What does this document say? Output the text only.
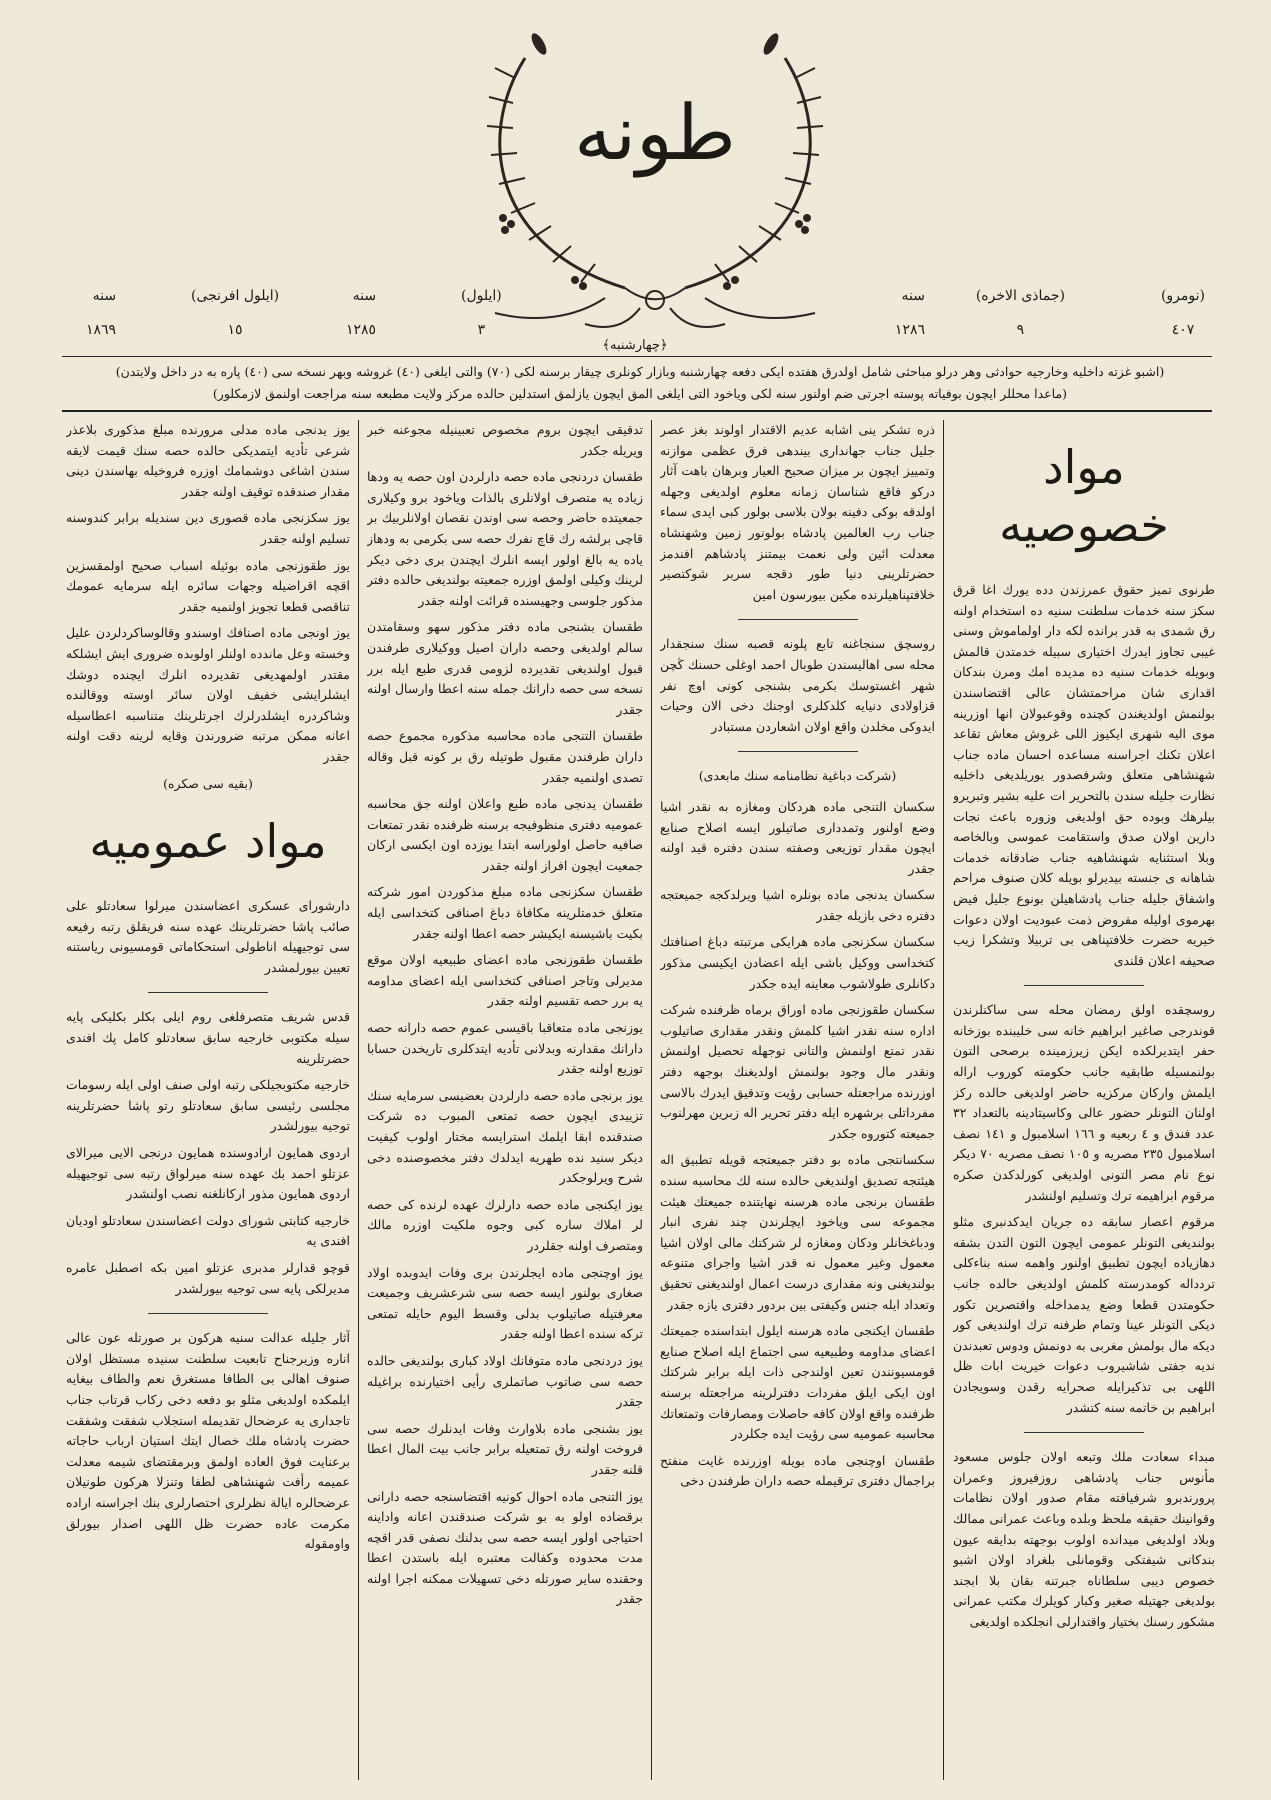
طونه
(نومرو)
٤٠٧
(جماذی الاخره)
٩
سنه
١٢٨٦
(ايلول)
٣
سنه
١٢٨٥
(ايلول افرنجی)
١٥
سنه
١٨٦٩
﴿چهارشنبه﴾
(اشبو غزته داخليه وخارجيه حوادثی وهر درلو مباحثی شامل اولدرق هفتده ايكی دفعه چهارشنبه وبازار كونلری چيقار برسنه لكی (٧٠) والتی ايلغی (٤٠) غروشه وبهر نسخه سی (٤٠) پاره به در داخل ولايتدن)
(ماعدا محللر ايچون بوفياته پوسته اجرتی ضم اولنور سنه لكی وياخود التی ايلغی المق ايچون يازلمق استدلين حالده مركز ولايت مطبعه سنه مراجعت اولنمق لازمكلور)
مواد خصوصيه

طرنوی تميز حقوق عمرزندن دده يورك اغا قرق سكز سنه خدمات سلطنت سنيه ده استخدام اولنه رق شمدی به قدر برانده لكه دار اولماموش وسنی غيبی تجاوز ايدرك اختياری سبيله خدمتدن قالمش وبويله خدمات سنيه ده مديده امك ومرن بندكان اقداری شان مراحمتشان عالی اقتضاسندن بولنمش اولديغندن كچنده وقوعبولان انها اوزرينه موی اليه شهری ايكيوز اللی غروش معاش تقاعد اعلان تكنك اجراسنه مساعده احسان ماده جناب شهنشاهی متعلق وشرفصدور يوريلديغی داخليه نظارت جليله سندن بالتحرير ات عليه بشير وتبريرو بيلرهك وبوده حق اولديغی وزوره باعث نجات دارين اولان صدق واستقامت عموسی وبالخاصه وبلا استثنايه شهنشاهيه جناب ضادقانه خدمات شاهانه ی جنسته بيديرلو بويله كلان صنوف مراحم واشفاق جليله جناب پادشاهيلن بونوع جليل فيض بهرموی اوليله مفروض ذمت عبوديت اولان دعوات خيريه حضرت خلافتپناهی بی تربيلا وتشكرا زيب صحيفه اعلان قلندی

روسچقده اولق رمضان محله سی ساكنلرندن قوندرجی صاغير ابراهيم خانه سی خليبنده بوزخانه حفر ايتديرلكده ايكن زيرزمينده برصحی التون بولنمسيله طابقيه جانب حكومته كوروب اراله ايلمش واركان مركزيه حاضر اولديغی حالده ركز اولنان التونلر حضور عالی وكاسيتادينه بالتعداد ٣٢ عدد فندق و ٤ ربعيه و ١٦٦ اسلامبول و ١٤١ نصف اسلامبول ٢٣٥ مصريه و ١٠٥ نصف مصريه ٧٠ ديكر نوع نام مصر التونی اولديغی كورلدكدن صكره مرقوم ابراهيمه ترك وتسليم اولنشدر

مرقوم اعصار سابقه ده جريان ايدكدنبری مثلو بولنديغی التونلر عمومی ايچون التون التدن بشقه دهازياده ايچون تطبيق اولنور واهمه سنه بناءكلی تردداله كومدرسته كلمش اولديغی حالده جانب حكومتدن قطعا وضع يدمداخله واقتصرين تكور ديكی التونلر عينا وتمام طرفنه ترك اولنديغی كور ديكه مال بولمش مغربی به دونمش ودوس تعبدندن نديه جفتی شاشيروب دعوات خيريت ابات ظل اللهی بی تذكيرايله صحرايه رقدن وسويجادن ابراهيم بن خاتمه سنه كتشدر

مبداء سعادت ملك وتبعه اولان جلوس مسعود مأنوس جناب پادشاهی روزفيروز وعمران پرورندبرو شرفيافته مقام صدور اولان نظامات وقوانينك حقيقه ملحظ وبلده وباعث عمرانی ممالك وبلاد اولديغی ميدانده اولوب بوجهته بدايقه عيون بندكانی شيفتكی وقومانلی بلغراد اولان اشبو خصوص ديبی سلطاناه جبرتنه بقان بلا ابجند بولديغی جهتيله صغير وكبار كويلرك مكتب عمرانی مشكور رسنك بختيار واقتدارلی انجلكده اولدیغی

ذره تشكر ينی اشابه عديم الاقتدار اولوند بغز عصر جليل جناب جهانداری بيندهی فرق عظمی موازنه وتمييز ايچون بر ميزان صحيح العيار وبرهان باهت آثار دركو فاقع شناسان زمانه معلوم اولديغی وجهله اولدقه بوكی دفينه بولان بلاسی بولور كبی ايدی سماء جناب رب العالمين پادشاه بولونور زمين وشهنشاه معدلت ائين ولی نعمت بيمتنز پادشاهم افندمز حضرتلرينی دنيا طور دقجه سربر شوكتصير خلافتپناهيلرنده مكين بيورسون امين

روسچق سنجاغنه تابع پلونه قصبه سنك سنجقدار محله سی اهاليسندن طوبال احمد اوغلی حسنك ڭچن شهر اغستوسك بكرمی بشنجی كونی اوچ نفر قزاولادی دنيايه كلدكلری اوجنك دخی الان وحيات ايدوكی مخلدن واقع اولان اشعاردن مستبادر

(شركت دباغية نظامنامه سنك مابعدی)

سكسان التنجی ماده هردكان ومغازه به نقدر اشيا وضع اولنور وتمدداری صاتيلور ايسه اصلاح صنايع ايچون مقدار توزيعی وصفته سندن دفتره قيد اولنه جقدر

سكسان يدنجی ماده بونلره اشيا ويرلدكجه جميعتجه دفتره دخی بازيله جقدر

سكسان سكزنجی ماده هرايكی مرتبته دباغ اصنافتك كتخداسی ووكيل باشی ايله اعضادن ايكيسی مذكور دكانلری طولاشوب معاينه ايده جكدر

سكسان طقوزنجی ماده اوراق برماه ظرفنده شركت اداره سنه نقدر اشيا كلمش ونقدر مقداری صاتيلوب نقدر تمتع اولنمش والتانی توجهله تحصيل اولنمش ونقدر مال وجود بولنمش اولديغنك بوجهه دفتر اوزرنده مراجعتله حسابی رؤيت وتدقيق ايدرك بالاسی مفرداتلی برشهره ايله دفتر تحرير اله زبرين مهرلنوب جميعته كتوروه جكدر

سكسانتجی ماده بو دفتر جميعتجه قويله تطبيق اله هيئتجه تصديق اولنديغی حالده سنه لك محاسبه سنده طقسان برنجی ماده هرسنه نهايتنده جميعتك هيئت مجموعه سی وياخود ايچلرندن چند نفری انبار ودباغخانلر ودكان ومغازه لر شركتك مالی اولان اشيا معمول وغير معمول نه قدر اشيا واجرای متنوعه بولنديغنی ونه مقداری درست اعمال اولنديغنی تحقيق وتعداد ايله جنس وكيفتی بين بردور دفتری يازه جقدر

طقسان ايكنجی ماده هرسنه ايلول ابتداسنده جميعتك اعضای مداومه وطبيعيه سی اجتماع ايله اصلاح صنايع قومسيونندن تعين اولندجی ذات ايله برابر شركتك اون ايكی ايلق مفردات دفترلرينه مراجعتله برسنه ظرفنده واقع اولان كافه حاصلات ومصارفات وتمتعاتك محاسبه عموميه سی رؤيت ايده جكلردر

طقسان اوچنجی ماده بويله اوزرنده غايت منفتح براجمال دفتری ترقيمله حصه داران طرفندن دخی

تدقيقی ايچون بروم مخصوص تعبينيله مجوعنه خبر ويريله جكدر

طقسان دردنجی ماده حصه دارلردن اون حصه يه ودها زياده يه متصرف اولانلری بالذات وياخود برو وكيلاری جمعيتده حاضر وحصه سی اوندن نقصان اولانلربيك بر قاچی برلشه رك قاچ نفرك حصه سی بكرمی به ودهاز ياده يه بالغ اولور ايسه انلرك ايچندن بری دخی ديكر لرينك وكيلی اولمق اوزره جمعيته بولنديغی حالده دفتر مذكور جلوسی وجهيسنده قرائت اولنه جقدر

طقسان بشنجی ماده دفتر مذكور سهو وسقامتدن سالم اولديغی وحصه داران اصيل ووكيلاری طرفندن قبول اولنديغی تقديرده لزومی قدری طبع ايله برر نسخه سی حصه دارانك جمله سنه اعطا وارسال اولنه جقدر

طقسان التنجی ماده محاسبه مذكوره مجموع حصه داران طرفندن مقبول طوتيله رق بر كونه قبل وقاله تصدی اولنميه جقدر

طقسان يدنجی ماده طبع واعلان اولنه جق محاسبه عموميه دفتری منظوفيجه برسنه ظرفنده نقدر تمتعات صافيه حاصل اولوراسه ابتدا يوزده اون ايكسی اركان جمعيت ايچون افراز اولنه جقدر

طقسان سكزنجی ماده مبلغ مذكوردن امور شركته متعلق خدمتلرينه مكافاة دباغ اصنافی كتخداسی ايله بكيت باشيسنه ايكيشر حصه اعطا اولنه جقدر

طقسان طقوزنجی ماده اعضای طبيعيه اولان موقع مديرلی وتاجر اصنافی كتخداسی ايله اعضای مداومه يه برر حصه تقسيم اولنه جقدر

يوزنجی ماده متعاقبا باقيسی عموم حصه دارانه حصه دارانك مقدارنه وبدلانی تأديه ايتدكلری تاريخدن حسابا توزيع اولنه جقدر

يوز برنجی ماده حصه دارلردن بعضيسی سرمايه سنك تزييدی ايچون حصه تمتعی المبوب ده شركت صندقنده ابقا ايلمك استرايسه مختار اولوب كيفيت ديكر سنيد نده طهريه ايدلدك دفتر مخصوصنده دخی شرح ويرلوجكدر

يوز ايكنجی ماده حصه دارلرك عهده لرنده كی حصه لر املاك ساره كبی وجوه ملكيت اوزره مالك ومتصرف اولنه جقلردر

يوز اوچنجی ماده ايجلرندن بری وفات ايدوبده اولاد صغاری بولنور ايسه حصه سی شرعشريف وجميعت معرفتيله صاتيلوب بدلی وقسط اليوم حايله تمتعی تركه سنده اعطا اولنه جقدر

يوز دردنجی ماده متوفانك اولاد كباری بولنديغی حالده حصه سی صاتوب صاتملری رأيی اختيارنده براغيله جقدر

يوز بشنجی ماده بلاوارث وفات ايدنلرك حصه سی فروخت اولنه رق تمتعيله برابر جانب بيت المال اعطا قلنه جقدر

يوز التنجی ماده احوال كونيه اقتضاسنجه حصه دارانی برقضاده اولو به بو شركت صندقندن اعانه واداينه احتياجی اولور ايسه حصه سی بدلنك نصفی قدر اقچه مدت محدوده وكفالت معتبره ايله باستدن اعطا وحقنده ساير صورتله دخی تسهيلات ممكنه اجرا اولنه جقدر

يوز يدنجی ماده مدلی مرورنده مبلغ مذكوری بلاعذر شرعی تأديه ايتمديكی حالده حصه سنك قيمت لايقه سندن اشاغی دوشمامك اوزره فروخيله بهاسندن دينی مقدار صندقده توقيف اولنه جقدر

يوز سكزنجی ماده قصوری دين سنديله برابر كندوسنه تسليم اولنه جقدر

يوز طقوزنجی ماده بوئيله اسباب صحيح اولمقسزين اقچه اقراضيله وجهات سائره ايله سرمايه عمومك تناقصی قطعا تجويز اولنميه جقدر

يوز اونجی ماده اصنافك اوسندو وقالوساكردلردن عليل وخسته وعل ماندده اولنلر اولوبده ضروری ايش ايشلكه مقتدر اولمهديغی تقديرده انلرك ايچنده دوشك ايشلرايشی خفيف اولان سائر اوسته ووقالنده وشاكردره ايشلدرلرك اجرتلرينك متناسبه اعطاسيله اعانه ممكن مرتبه ضرورندن وقايه لرينه دقت اولنه جقدر

(بقيه سی صكره)

مواد عموميه

دارشورای عسكری اعضاسندن ميرلوا سعادتلو علی صائب پاشا حضرتلرينك عهده سنه فريقلق رتبه رفيعه سی توجيهيله اناطولی استحكاماتی قومسيونی رياستنه تعيين بيورلمشدر

قدس شريف متصرفلغی روم ايلی بكلر بكليكی پايه سيله مكتوبی خارجيه سابق سعادتلو كامل پك افندی حضرتلرينه

خارجيه مكتوبجيلكی رتبه اولی صنف اولی ايله رسومات مجلسی رئيسی سابق سعادتلو رتو پاشا حضرتلرينه توجيه بيورلشدر

اردوی همايون ارادوسنده همايون درنجی الايی ميرالای عزتلو احمد بك عهده سنه ميرلواق رتبه سی توجيهيله اردوی همايون مذور اركانلغنه نصب اولنشدر

خارجيه كتابتی شورای دولت اعضاسندن سعادتلو اوديان افندی يه

قوچو قدارلر مدبری عزتلو امين بكه اصطبل عامره مديرلكی پايه سی توجيه بيورلشدر

آثار جليله عدالت سنيه هركون بر صورتله عون عالی اناره وزيرجناح تابعيت سلطنت سنيده مستظل اولان صنوف اهالی بی الطافا مستغرق نعم والطاف بيغايه ايلمكده اولديغی مثلو بو دفعه دخی ركاب قرتاب جناب تاجداری يه عرضحال تقديمله استجلاب شفقت وشفقت حضرت پادشاه ملك خصال ايتك استيان ارباب حاجاته برعنايت فوق العاده اولمق وبرمقتضای شيمه معدلت عميمه رأفت شهنشاهی لطفا وتنزلا هركون طونيلان عرضحالره ايالة نظرلری احتصارلری بنك اجراسنه اراده مكرمت عاده حضرت ظل اللهی اصدار بيورلق واومقوله
